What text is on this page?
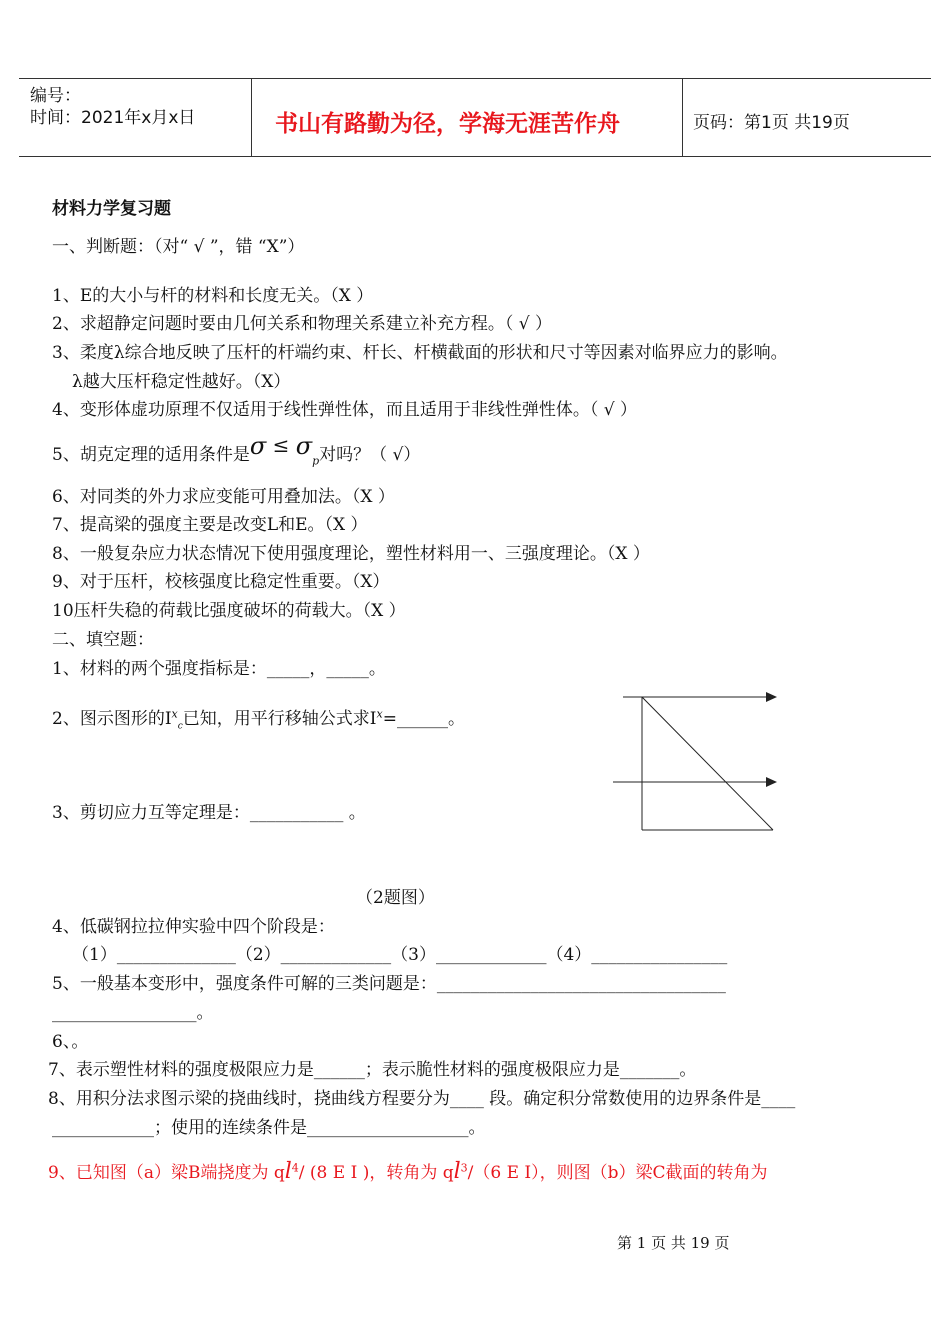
编号：
时间：2021年x月x日	书山有路勤为径，学海无涯苦作舟	页码：第1页 共19页
材料力学复习题
一、判断题：（对“ √ ”，错 “X”）
1、E的大小与杆的材料和长度无关。（X ）
2、求超静定问题时要由几何关系和物理关系建立补充方程。（ √ ）
3、柔度λ综合地反映了压杆的杆端约束、杆长、杆横截面的形状和尺寸等因素对临界应力的影响。
λ越大压杆稳定性越好。（X）
4、变形体虚功原理不仅适用于线性弹性体，而且适用于非线性弹性体。（ √ ）
5、胡克定理的适用条件是$\sigma \le \sigma_p$对吗？（ √）
6、对同类的外力求应变能可用叠加法。（X ）
7、提高梁的强度主要是改变L和E。（X ）
8、一般复杂应力状态情况下使用强度理论，塑性材料用一、三强度理论。（X ）
9、对于压杆，校核强度比稳定性重要。（X）
10压杆失稳的荷载比强度破坏的荷载大。（X ）
二、填空题：
1、材料的两个强度指标是：_____，_____。
2、图示图形的$I^x_c$已知，用平行移轴公式求$I^x=\_\_\_\_\_\_$。
3、剪切应力互等定理是：___________ 。
（2题图）
4、低碳钢拉拉伸实验中四个阶段是：
（1）______________（2）_____________（3）_____________（4）________________
5、一般基本变形中，强度条件可解的三类问题是：__________________________________
_________________。
6、。
7、表示塑性材料的强度极限应力是______；表示脆性材料的强度极限应力是_______。
8、用积分法求图示梁的挠曲线时，挠曲线方程要分为____ 段。确定积分常数使用的边界条件是____
____________；使用的连续条件是___________________。
9、已知图（a）梁B端挠度为 $ql^4/$ (8 E I )，转角为 $ql^3/(6$ E I），则图（b）梁C截面的转角为
第 1 页 共 19 页
